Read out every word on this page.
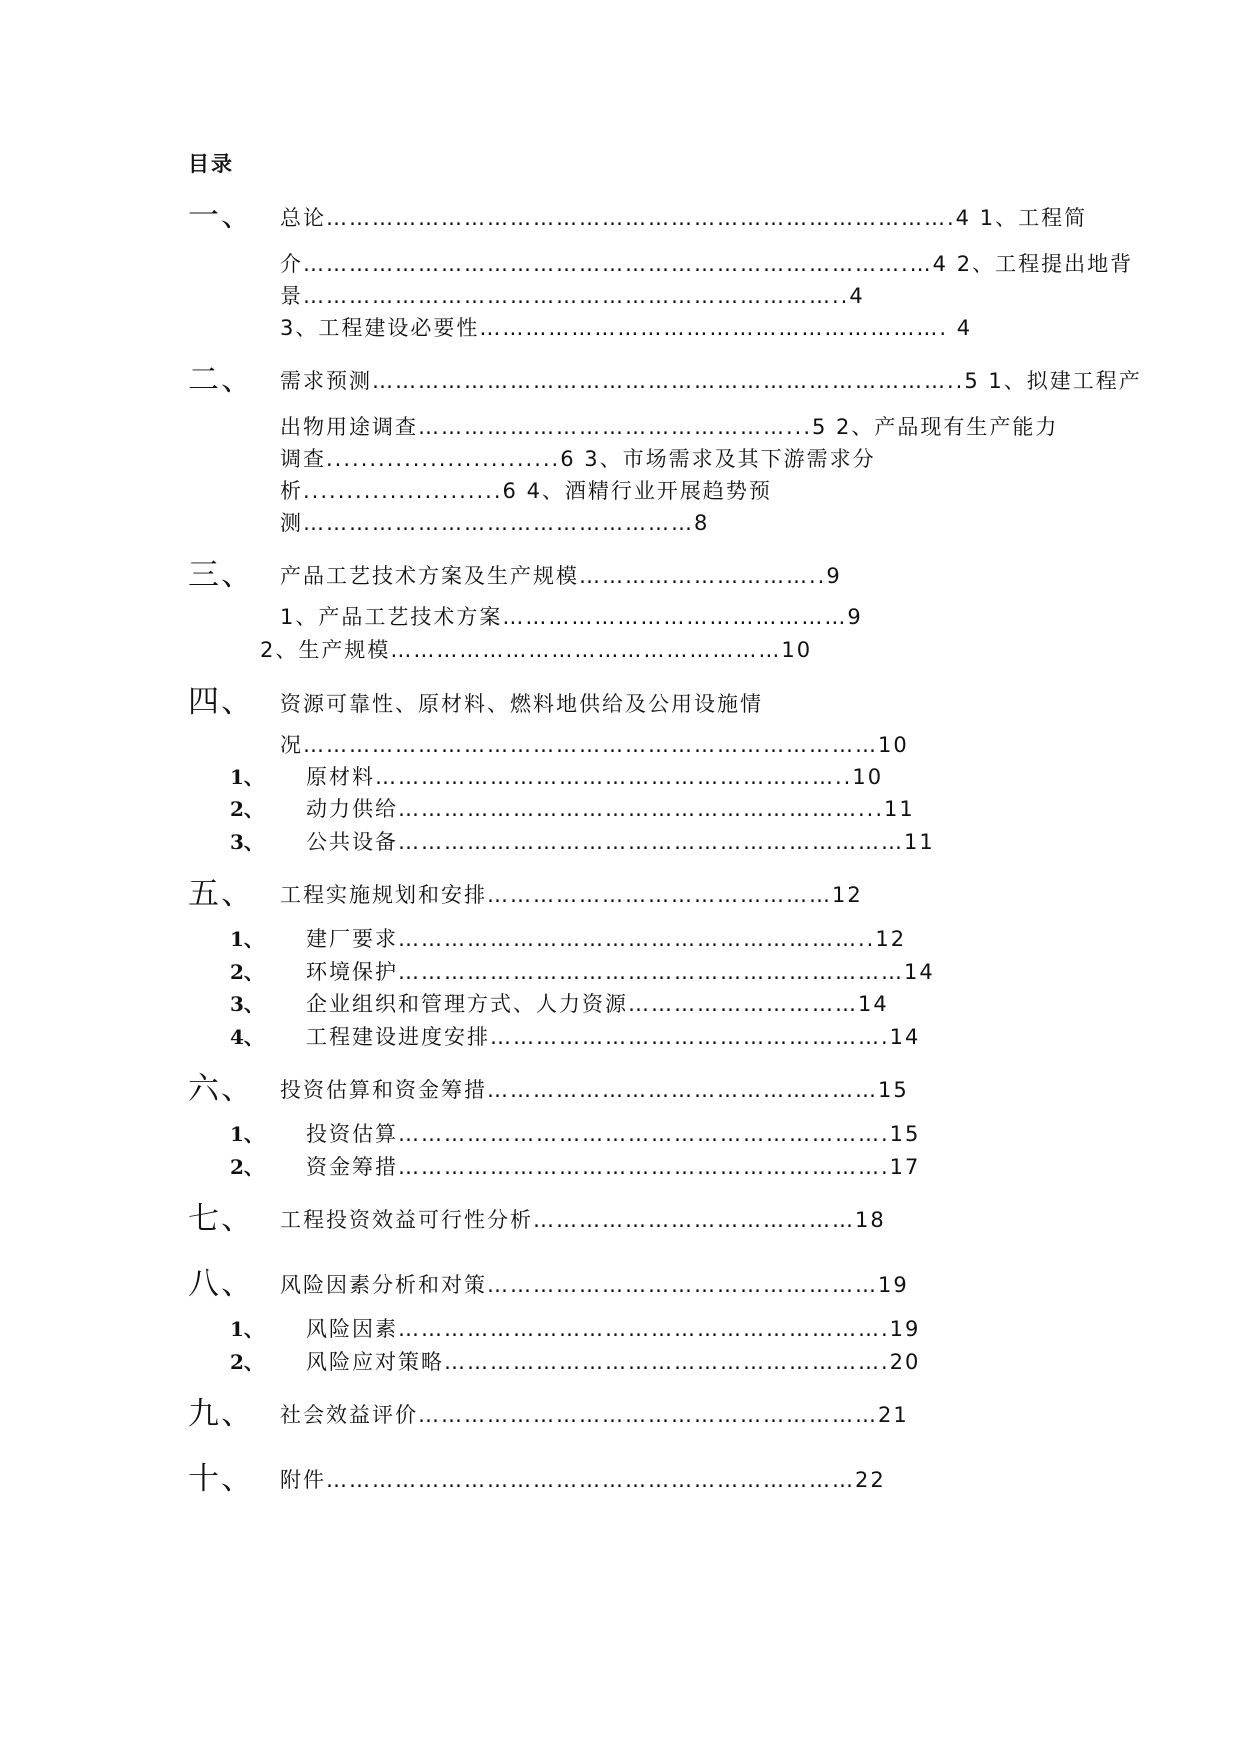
目录
一、 总论……………………………………………………………………….4 1、工程简
介…………………………………………………………………….…4 2、工程提出地背
景……………………………………………………………..4
3、工程建设必要性……………………………………………………. 4
二、 需求预测…………………………………………………………………..5 1、拟建工程产
出物用途调查…………………………………………...5 2、产品现有生产能力
调查...........................6 3、市场需求及其下游需求分
析.......................6 4、酒精行业开展趋势预
测……………………………………………8
三、 产品工艺技术方案及生产规模…………………………..9
1、产品工艺技术方案………………………………………9
2、生产规模……………………………………………10
四、 资源可靠性、原材料、燃料地供给及公用设施情
况…………………………………………………………………10
1、 原材料……………………………………………………..10
2、 动力供给……………………………………………………...11
3、 公共设备…………………………………………………………11
五、 工程实施规划和安排………………………………………12
1、 建厂要求……………………………………………………..12
2、 环境保护…………………………………………………………14
3、 企业组织和管理方式、人力资源…………………………14
4、 工程建设进度安排…………………………………………….14
六、 投资估算和资金筹措……………………………………………15
1、 投资估算……………………………………………………….15
2、 资金筹措……………………………………………………….17
七、 工程投资效益可行性分析……………………………………18
八、 风险因素分析和对策……………………………………………19
1、 风险因素……………………………………………………….19
2、 风险应对策略………………………………………………….20
九、 社会效益评价……………………………………………………21
十、 附件……………………………………………………………22
